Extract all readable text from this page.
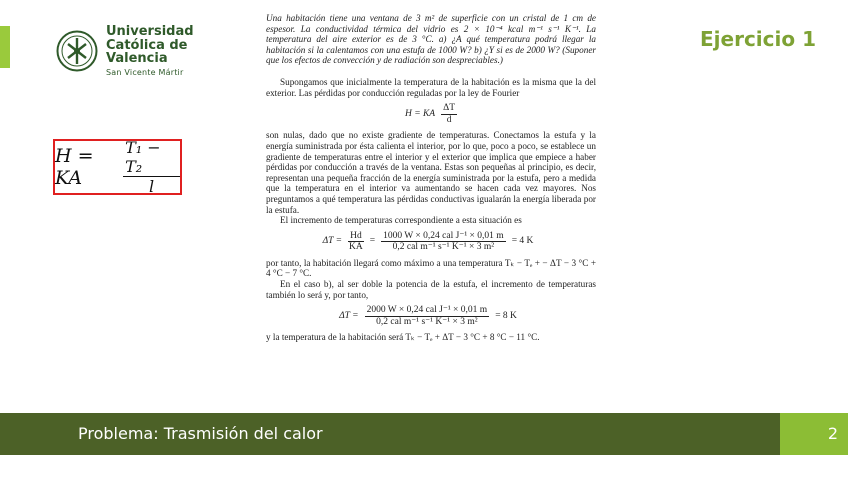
Universidad
Católica de
Valencia
San Vicente Mártir
Ejercicio 1
H = KA	$\frac{\text{T₁ − T₂}}{l}$

Una habitación tiene una ventana de 3 m² de superficie con un cristal de 1 cm de espesor. La conductividad térmica del vidrio es 2 × 10⁻⁴ kcal m⁻¹ s⁻¹ K⁻¹. La temperatura del aire exterior es de 3 °C. a) ¿A qué temperatura podrá llegar la habitación si la calentamos con una estufa de 1000 W? b) ¿Y si es de 2000 W? (Suponer que los efectos de convección y de radiación son despreciables.)

Supongamos que inicialmente la temperatura de la habitación es la misma que la del exterior. Las pérdidas por conducción reguladas por la ley de Fourier

H = KA $\frac{\Delta T}{d}$

son nulas, dado que no existe gradiente de temperaturas. Conectamos la estufa y la energía suministrada por ésta calienta el interior, por lo que, poco a poco, se establece un gradiente de temperaturas entre el interior y el exterior que implica que empiece a haber pérdidas por conducción a través de la ventana. Estas son pequeñas al principio, es decir, representan una pequeña fracción de la energía suministrada por la estufa, pero a medida que la temperatura en el interior va aumentando se hacen cada vez mayores. Nos preguntamos a qué temperatura las pérdidas conductivas igualarán la energía liberada por la estufa.

El incremento de temperaturas correspondiente a esta situación es

$\Delta T = \frac{Hd}{KA}$ =
1000 W × 0,24 cal J⁻¹ × 0,01 m
0,2 cal m⁻¹ s⁻¹ K⁻¹ × 3 m²
= 4 K

por tanto, la habitación llegará como máximo a una temperatura Tₖ − Tₑ + − ΔT − 3 °C + 4 °C − 7 °C.

En el caso b), al ser doble la potencia de la estufa, el incremento de temperaturas también lo será y, por tanto,

ΔT =
2000 W × 0,24 cal J⁻¹ × 0,01 m
0,2 cal m⁻¹ s⁻¹ K⁻¹ × 3 m²
= 8 K

y la temperatura de la habitación será Tₖ − Tₑ + ΔT − 3 °C + 8 °C − 11 °C.

Problema: Trasmisión del calor	2
